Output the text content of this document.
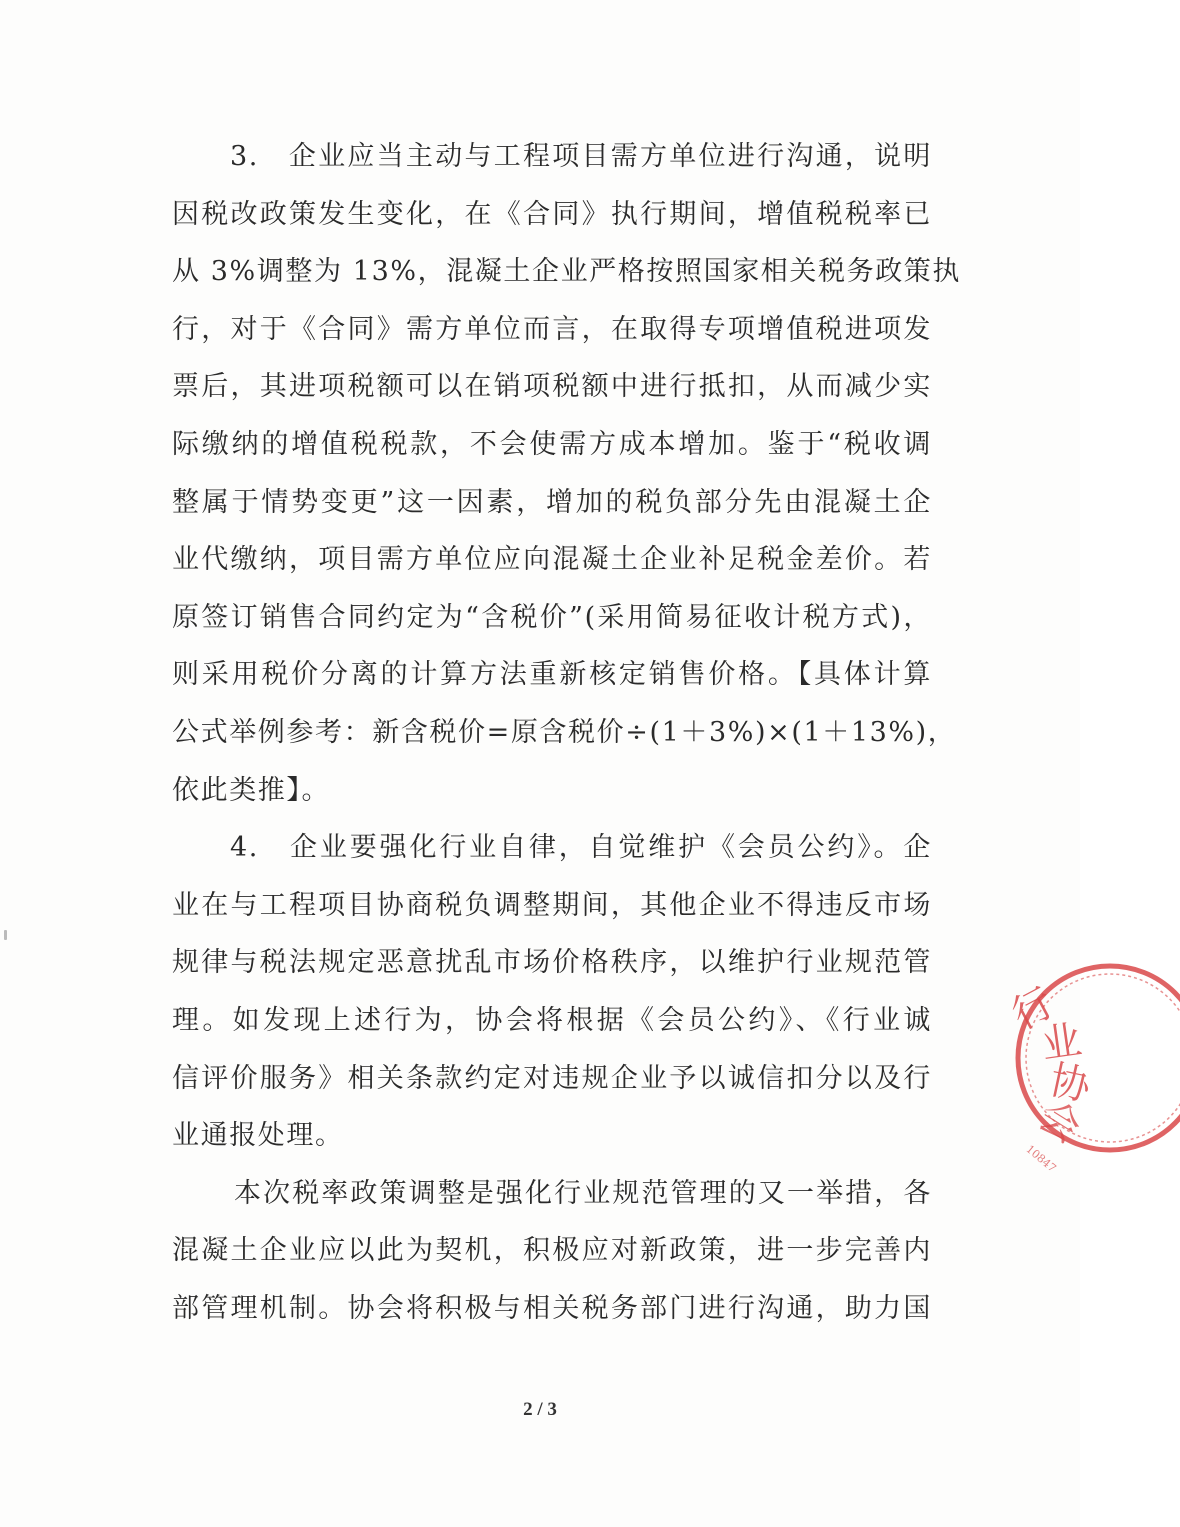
3.　企业应当主动与工程项目需方单位进行沟通，说明
因税改政策发生变化，在《合同》执行期间，增值税税率已
从 3%调整为 13%，混凝土企业严格按照国家相关税务政策执
行，对于《合同》需方单位而言，在取得专项增值税进项发
票后，其进项税额可以在销项税额中进行抵扣，从而减少实
际缴纳的增值税税款，不会使需方成本增加。鉴于“税收调
整属于情势变更”这一因素，增加的税负部分先由混凝土企
业代缴纳，项目需方单位应向混凝土企业补足税金差价。若
原签订销售合同约定为“含税价”(采用简易征收计税方式)，
则采用税价分离的计算方法重新核定销售价格。【具体计算
公式举例参考：新含税价=原含税价÷(1＋3%)×(1＋13%)，
依此类推】。
4.　企业要强化行业自律，自觉维护《会员公约》。企
业在与工程项目协商税负调整期间，其他企业不得违反市场
规律与税法规定恶意扰乱市场价格秩序，以维护行业规范管
理。如发现上述行为，协会将根据《会员公约》、《行业诚
信评价服务》相关条款约定对违规企业予以诚信扣分以及行
业通报处理。
本次税率政策调整是强化行业规范管理的又一举措，各
混凝土企业应以此为契机，积极应对新政策，进一步完善内
部管理机制。协会将积极与相关税务部门进行沟通，助力国
行
业
协
会
10847
2 / 3
